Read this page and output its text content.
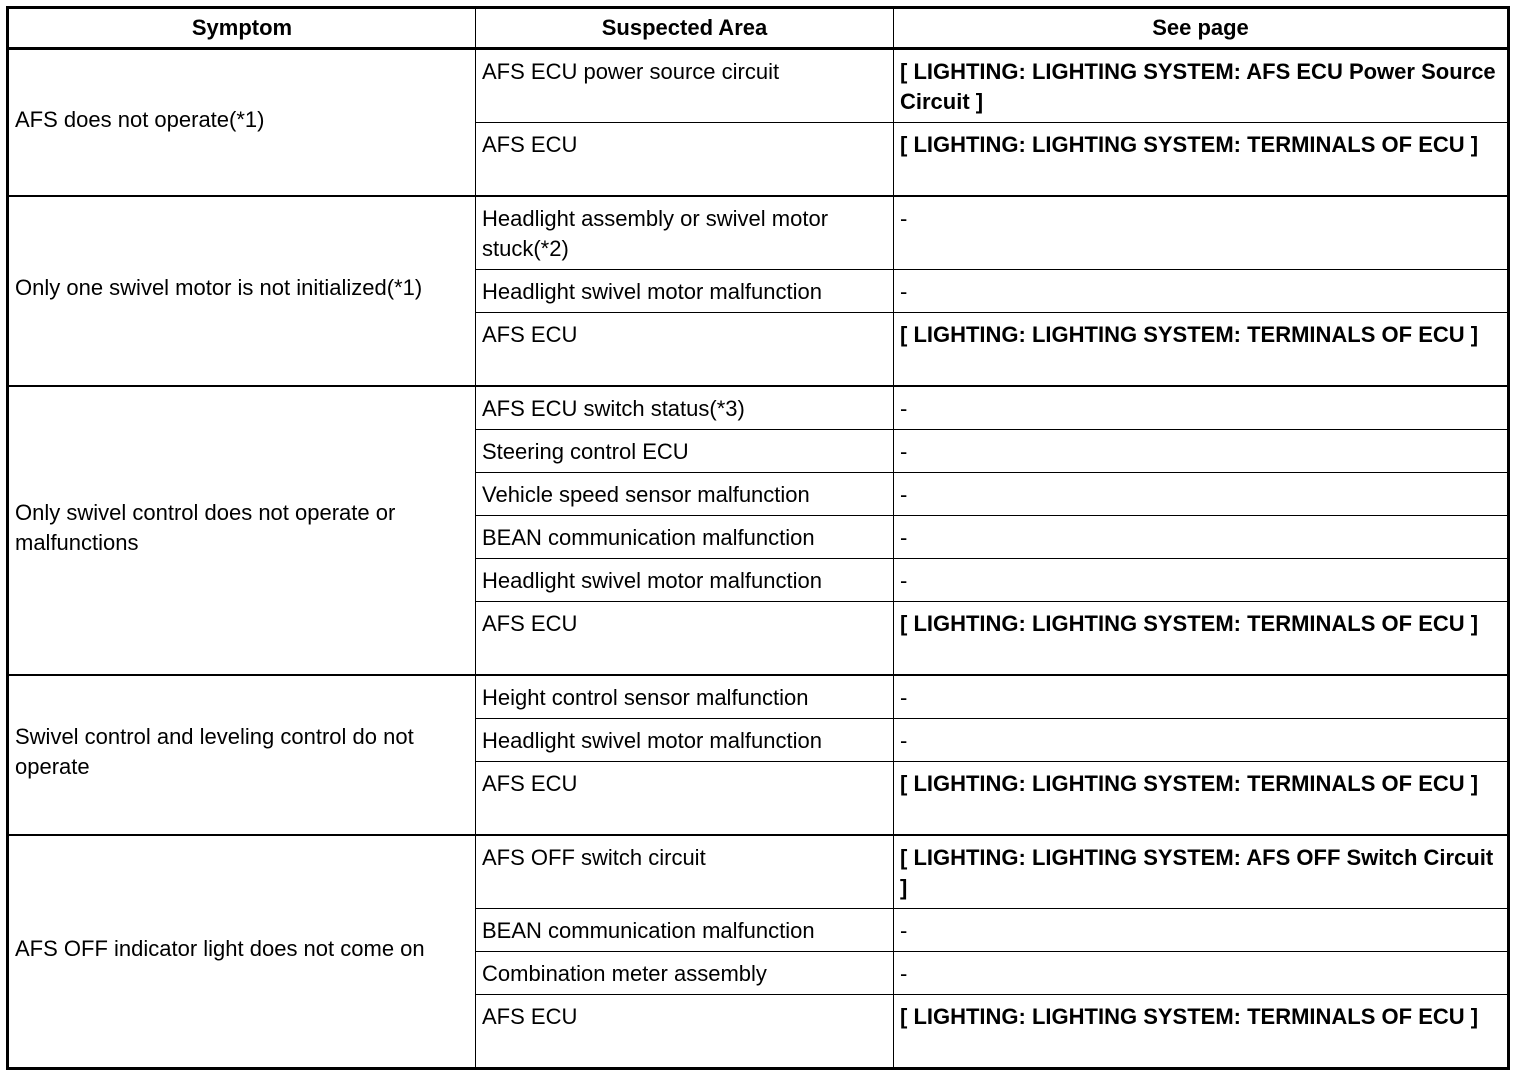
Symptom	Suspected Area	See page
AFS does not operate(*1)	AFS ECU power source circuit	[ LIGHTING: LIGHTING SYSTEM: AFS ECU Power Source Circuit ]
	AFS ECU	[ LIGHTING: LIGHTING SYSTEM: TERMINALS OF ECU ]
Only one swivel motor is not initialized(*1)	Headlight assembly or swivel motor stuck(*2)	-
	Headlight swivel motor malfunction	-
	AFS ECU	[ LIGHTING: LIGHTING SYSTEM: TERMINALS OF ECU ]
Only swivel control does not operate or malfunctions	AFS ECU switch status(*3)	-
	Steering control ECU	-
	Vehicle speed sensor malfunction	-
	BEAN communication malfunction	-
	Headlight swivel motor malfunction	-
	AFS ECU	[ LIGHTING: LIGHTING SYSTEM: TERMINALS OF ECU ]
Swivel control and leveling control do not operate	Height control sensor malfunction	-
	Headlight swivel motor malfunction	-
	AFS ECU	[ LIGHTING: LIGHTING SYSTEM: TERMINALS OF ECU ]
AFS OFF indicator light does not come on	AFS OFF switch circuit	[ LIGHTING: LIGHTING SYSTEM: AFS OFF Switch Circuit ]
	BEAN communication malfunction	-
	Combination meter assembly	-
	AFS ECU	[ LIGHTING: LIGHTING SYSTEM: TERMINALS OF ECU ]
